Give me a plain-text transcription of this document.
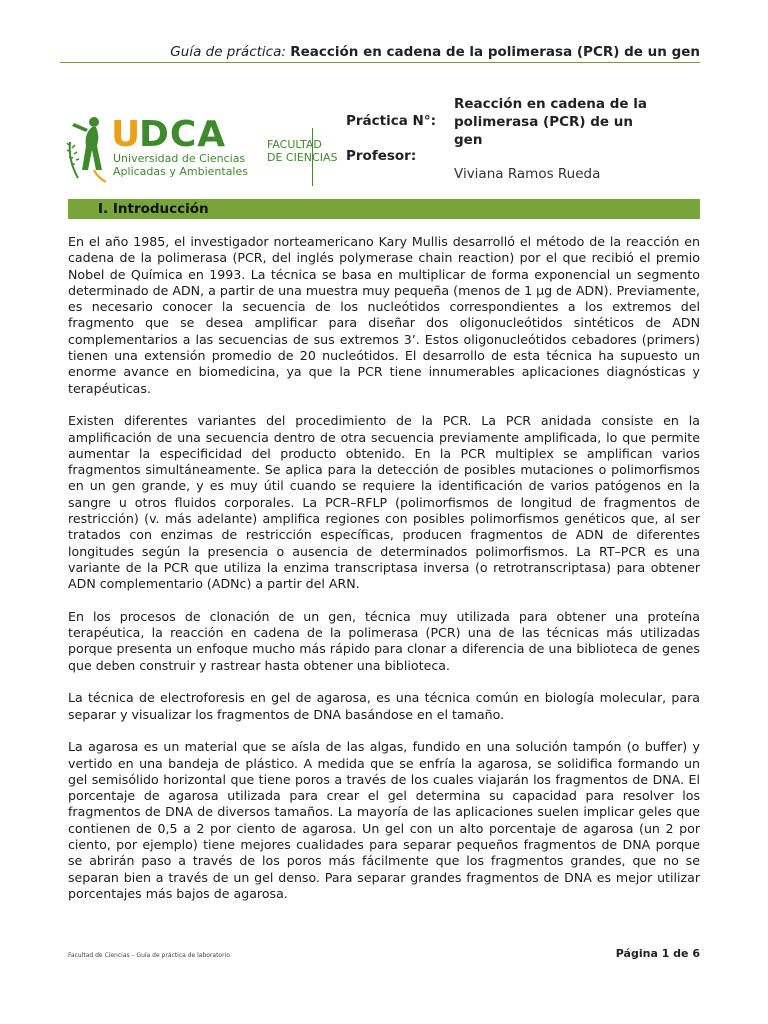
Guía de práctica: Reacción en cadena de la polimerasa (PCR) de un gen
U
DCA
Universidad de Ciencias
Aplicadas y Ambientales
FACULTAD
DE CIENCIAS
Práctica N°:
Profesor:
Reacción en cadena de la polimerasa (PCR) de un gen
Viviana Ramos Rueda
I. Introducción

En el año 1985, el investigador norteamericano Kary Mullis desarrolló el método de la reacción en cadena de la polimerasa (PCR, del inglés polymerase chain reaction) por el que recibió el premio Nobel de Química en 1993. La técnica se basa en multiplicar de forma exponencial un segmento determinado de ADN, a partir de una muestra muy pequeña (menos de 1 µg de ADN). Previamente, es necesario conocer la secuencia de los nucleótidos correspondientes a los extremos del fragmento que se desea amplificar para diseñar dos oligonucleótidos sintéticos de ADN complementarios a las secuencias de sus extremos 3’. Estos oligonucleótidos cebadores (primers) tienen una extensión promedio de 20 nucleótidos. El desarrollo de esta técnica ha supuesto un enorme avance en biomedicina, ya que la PCR tiene innumerables aplicaciones diagnósticas y terapéuticas.

Existen diferentes variantes del procedimiento de la PCR. La PCR anidada consiste en la amplificación de una secuencia dentro de otra secuencia previamente amplificada, lo que permite aumentar la especificidad del producto obtenido. En la PCR multiplex se amplifican varios fragmentos simultáneamente. Se aplica para la detección de posibles mutaciones o polimorfismos en un gen grande, y es muy útil cuando se requiere la identificación de varios patógenos en la sangre u otros fluidos corporales. La PCR–RFLP (polimorfismos de longitud de fragmentos de restricción) (v. más adelante) amplifica regiones con posibles polimorfismos genéticos que, al ser tratados con enzimas de restricción específicas, producen fragmentos de ADN de diferentes longitudes según la presencia o ausencia de determinados polimorfismos. La RT–PCR es una variante de la PCR que utiliza la enzima transcriptasa inversa (o retrotranscriptasa) para obtener ADN complementario (ADNc) a partir del ARN.

En los procesos de clonación de un gen, técnica muy utilizada para obtener una proteína terapéutica, la reacción en cadena de la polimerasa (PCR) una de las técnicas más utilizadas porque presenta un enfoque mucho más rápido para clonar a diferencia de una biblioteca de genes que deben construir y rastrear hasta obtener una biblioteca.

La técnica de electroforesis en gel de agarosa, es una técnica común en biología molecular, para separar y visualizar los fragmentos de DNA basándose en el tamaño.

La agarosa es un material que se aísla de las algas, fundido en una solución tampón (o buffer) y vertido en una bandeja de plástico. A medida que se enfría la agarosa, se solidifica formando un gel semisólido horizontal que tiene poros a través de los cuales viajarán los fragmentos de DNA. El porcentaje de agarosa utilizada para crear el gel determina su capacidad para resolver los fragmentos de DNA de diversos tamaños. La mayoría de las aplicaciones suelen implicar geles que contienen de 0,5 a 2 por ciento de agarosa. Un gel con un alto porcentaje de agarosa (un 2 por ciento, por ejemplo) tiene mejores cualidades para separar pequeños fragmentos de DNA porque se abrirán paso a través de los poros más fácilmente que los fragmentos grandes, que no se separan bien a través de un gel denso. Para separar grandes fragmentos de DNA es mejor utilizar porcentajes más bajos de agarosa.

Facultad de Ciencias – Guía de práctica de laboratorio	Página 1 de 6
